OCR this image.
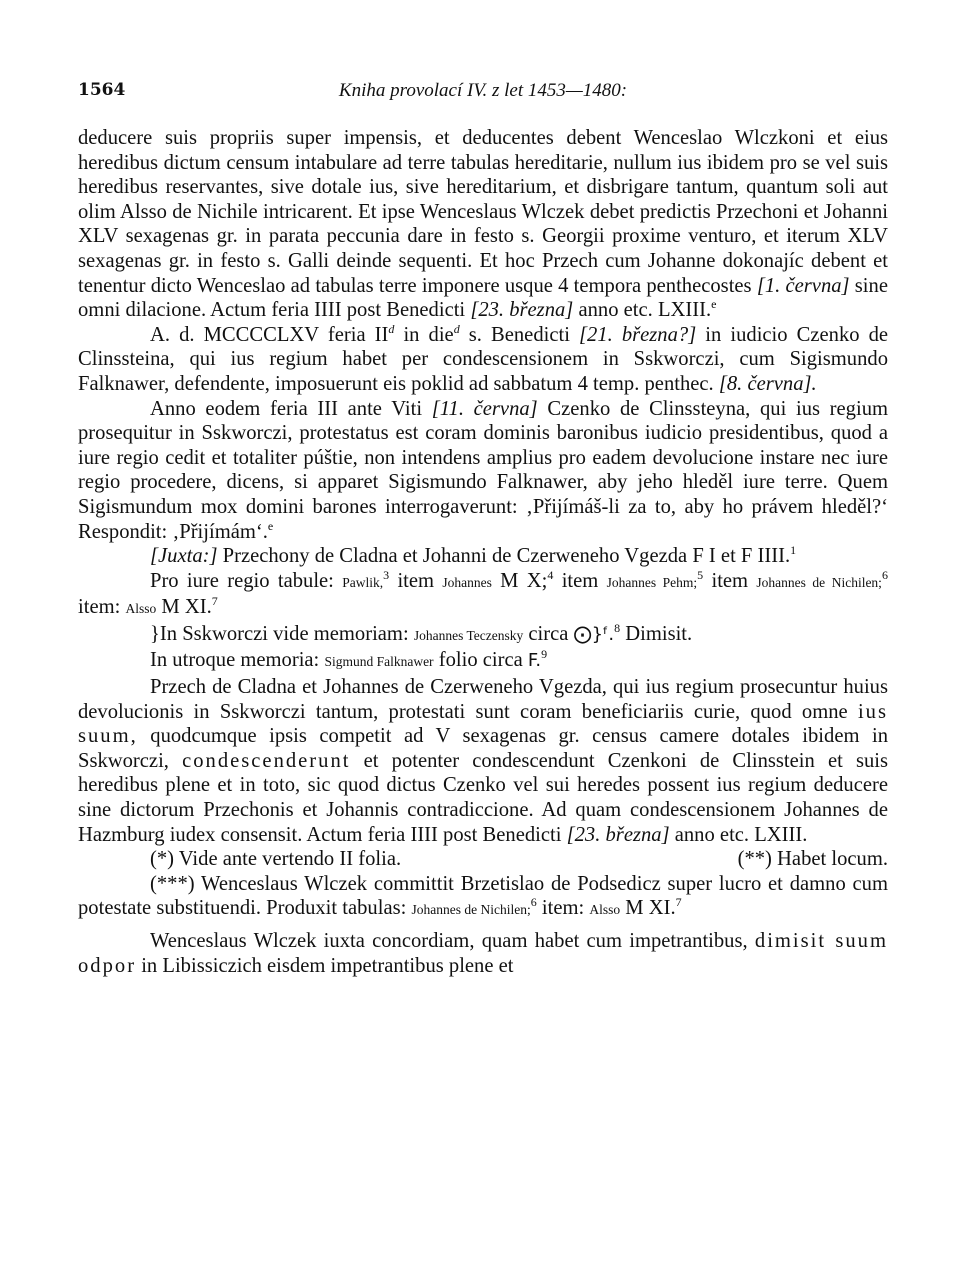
1564	Kniha provolací IV. z let 1453—1480:

deducere suis propriis super impensis, et deducentes debent Wenceslao Wlczkoni et eius heredibus dictum censum intabulare ad terre tabulas hereditarie, nullum ius ibidem pro se vel suis heredibus reservantes, sive dotale ius, sive hereditarium, et disbrigare tantum, quantum soli aut olim Alsso de Nichile intricarent. Et ipse Wenceslaus Wlczek debet predictis Przechoni et Johanni XLV sexagenas gr. in parata peccunia dare in festo s. Georgii proxime venturo, et iterum XLV sexagenas gr. in festo s. Galli deinde sequenti. Et hoc Przech cum Johanne dokonajíc debent et tenentur dicto Wenceslao ad tabulas terre imponere usque 4 tempora penthecostes [1. června] sine omni dilacione. Actum feria IIII post Benedicti [23. března] anno etc. LXIII.$^e$

A. d. MCCCCLXV feria $II^d$ in die$^d$ s. Benedicti [21. března?] in iudicio Czenko de Clinssteina, qui ius regium habet per condescensionem in Sskworczi, cum Sigismundo Falknawer, defendente, imposuerunt eis poklid ad sabbatum 4 temp. penthec. [8. června].

Anno eodem feria III ante Viti [11. června] Czenko de Clinssteyna, qui ius regium prosequitur in Sskworczi, protestatus est coram dominis baronibus iudicio presidentibus, quod a iure regio cedit et totaliter púštie, non intendens amplius pro eadem devolucione instare nec iure regio procedere, dicens, si apparet Sigismundo Falknawer, aby jeho hleděl iure terre. Quem Sigismundum mox domini barones interrogaverunt: ‚Přijímáš-li za to, aby ho právem hleděl?‘ Respondit: ‚Přijímám‘.$^e$

[Juxta:] Przechony de Cladna et Johanni de Czerweneho Vgezda F I et F IIII.$^1$

Pro iure regio tabule: Pawlik,$^3$ item Johannes M X;$^4$ item Johannes Pehm;$^5$ item Johannes de Nichilen;$^6$ item: Alsso M XI.$^7$

}In Sskworczi vide memoriam: Johannes Teczensky circa ⨀}ᶠ.$^8$ Dimisit.

In utroque memoria: Sigmund Falknawer folio circa F.$^9$

Przech de Cladna et Johannes de Czerweneho Vgezda, qui ius regium prosecuntur huius devolucionis in Sskworczi tantum, protestati sunt coram beneficiariis curie, quod omne ius suum, quodcumque ipsis competit ad V sexagenas gr. census camere dotales ibidem in Sskworczi, condescenderunt et potenter condescendunt Czenkoni de Clinsstein et suis heredibus plene et in toto, sic quod dictus Czenko vel sui heredes possent ius regium deducere sine dictorum Przechonis et Johannis contradiccione. Ad quam condescensionem Johannes de Hazmburg iudex consensit. Actum feria IIII post Benedicti [23. března] anno etc. LXIII.

(*) Vide ante vertendo II folia.	(**) Habet locum.

(***) Wenceslaus Wlczek committit Brzetislao de Podsedicz super lucro et damno cum potestate substituendi. Produxit tabulas: Johannes de Nichilen;$^6$ item: Alsso M XI.$^7$

Wenceslaus Wlczek iuxta concordiam, quam habet cum impetrantibus, dimisit suum odpor in Libissiczich eisdem impetrantibus plene et
